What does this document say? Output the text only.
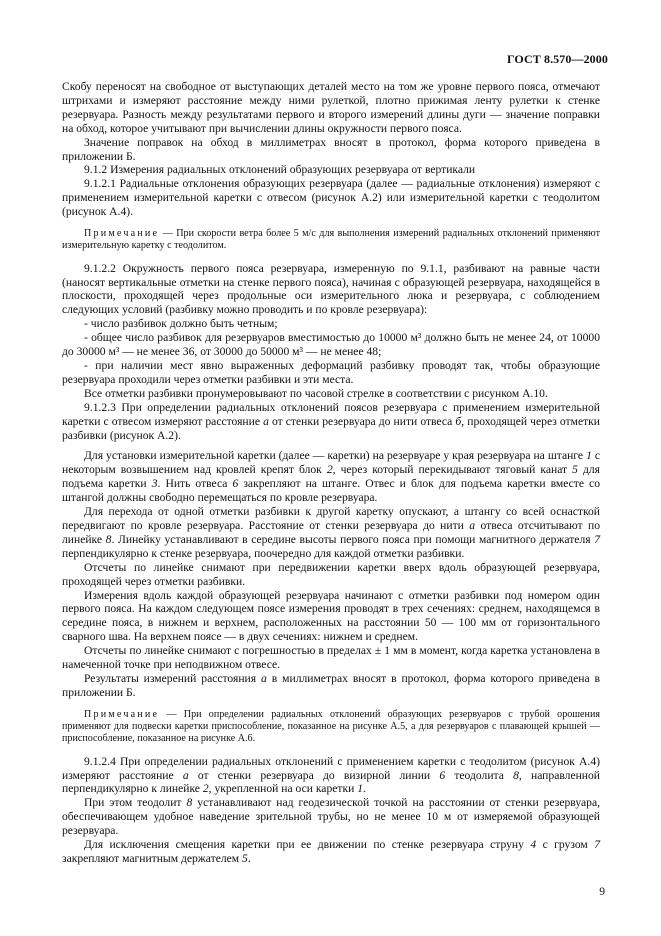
ГОСТ 8.570—2000

Скобу переносят на свободное от выступающих деталей место на том же уровне первого пояса, отмечают штрихами и измеряют расстояние между ними рулеткой, плотно прижимая ленту рулетки к стенке резервуара. Разность между результатами первого и второго измерений длины дуги — значение поправки на обход, которое учитывают при вычислении длины окружности первого пояса.

Значение поправок на обход в миллиметрах вносят в протокол, форма которого приведена в приложении Б.

9.1.2 Измерения радиальных отклонений образующих резервуара от вертикали

9.1.2.1 Радиальные отклонения образующих резервуара (далее — радиальные отклонения) измеряют с применением измерительной каретки с отвесом (рисунок А.2) или измерительной каретки с теодолитом (рисунок А.4).

Примечание — При скорости ветра более 5 м/с для выполнения измерений радиальных отклонений применяют измерительную каретку с теодолитом.

9.1.2.2 Окружность первого пояса резервуара, измеренную по 9.1.1, разбивают на равные части (наносят вертикальные отметки на стенке первого пояса), начиная с образующей резервуара, находящейся в плоскости, проходящей через продольные оси измерительного люка и резервуара, с соблюдением следующих условий (разбивку можно проводить и по кровле резервуара):

- число разбивок должно быть четным;

- общее число разбивок для резервуаров вместимостью до 10000 м³ должно быть не менее 24, от 10000 до 30000 м³ — не менее 36, от 30000 до 50000 м³ — не менее 48;

- при наличии мест явно выраженных деформаций разбивку проводят так, чтобы образующие резервуара проходили через отметки разбивки и эти места.

Все отметки разбивки пронумеровывают по часовой стрелке в соответствии с рисунком А.10.

9.1.2.3 При определении радиальных отклонений поясов резервуара с применением измерительной каретки с отвесом измеряют расстояние а от стенки резервуара до нити отвеса б, проходящей через отметки разбивки (рисунок А.2).

Для установки измерительной каретки (далее — каретки) на резервуаре у края резервуара на штанге 1 с некоторым возвышением над кровлей крепят блок 2, через который перекидывают тяговый канат 5 для подъема каретки 3. Нить отвеса 6 закрепляют на штанге. Отвес и блок для подъема каретки вместе со штангой должны свободно перемещаться по кровле резервуара.

Для перехода от одной отметки разбивки к другой каретку опускают, а штангу со всей оснасткой передвигают по кровле резервуара. Расстояние от стенки резервуара до нити а отвеса отсчитывают по линейке 8. Линейку устанавливают в середине высоты первого пояса при помощи магнитного держателя 7 перпендикулярно к стенке резервуара, поочередно для каждой отметки разбивки.

Отсчеты по линейке снимают при передвижении каретки вверх вдоль образующей резервуара, проходящей через отметки разбивки.

Измерения вдоль каждой образующей резервуара начинают с отметки разбивки под номером один первого пояса. На каждом следующем поясе измерения проводят в трех сечениях: среднем, находящемся в середине пояса, в нижнем и верхнем, расположенных на расстоянии 50 — 100 мм от горизонтального сварного шва. На верхнем поясе — в двух сечениях: нижнем и среднем.

Отсчеты по линейке снимают с погрешностью в пределах ± 1 мм в момент, когда каретка установлена в намеченной точке при неподвижном отвесе.

Результаты измерений расстояния а в миллиметрах вносят в протокол, форма которого приведена в приложении Б.

Примечание — При определении радиальных отклонений образующих резервуаров с трубой орошения применяют для подвески каретки приспособление, показанное на рисунке А.5, а для резервуаров с плавающей крышей — приспособление, показанное на рисунке А.6.

9.1.2.4 При определении радиальных отклонений с применением каретки с теодолитом (рисунок А.4) измеряют расстояние а от стенки резервуара до визирной линии 6 теодолита 8, направленной перпендикулярно к линейке 2, укрепленной на оси каретки 1.

При этом теодолит 8 устанавливают над геодезической точкой на расстоянии от стенки резервуара, обеспечивающем удобное наведение зрительной трубы, но не менее 10 м от измеряемой образующей резервуара.

Для исключения смещения каретки при ее движении по стенке резервуара струну 4 с грузом 7 закрепляют магнитным держателем 5.

9
